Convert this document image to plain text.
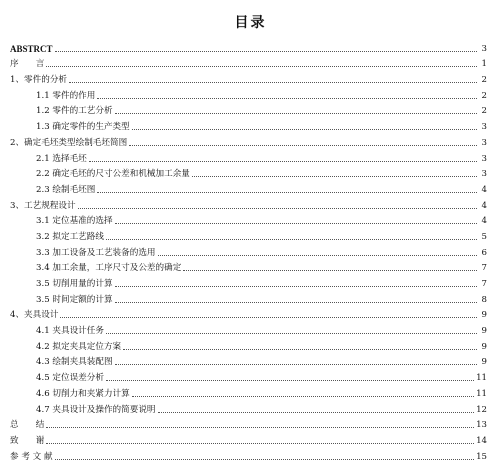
目录
ABSTRCT	3
序　　言	1
1、零件的分析	2
1.1 零件的作用	2
1.2 零件的工艺分析	2
1.3 确定零件的生产类型	3
2、确定毛坯类型绘制毛坯简图	3
2.1 选择毛坯	3
2.2 确定毛坯的尺寸公差和机械加工余量	3
2.3 绘制毛坯图	4
3、工艺规程设计	4
3.1 定位基准的选择	4
3.2 拟定工艺路线	5
3.3 加工设备及工艺装备的选用	6
3.4 加工余量，工序尺寸及公差的确定	7
3.5 切削用量的计算	7
3.5 时间定额的计算	8
4、夹具设计	9
4.1 夹具设计任务	9
4.2 拟定夹具定位方案	9
4.3 绘制夹具装配图	9
4.5 定位误差分析	11
4.6 切削力和夹紧力计算	11
4.7 夹具设计及操作的简要说明	12
总　　结	13
致　　谢	14
参 考 文 献	15
